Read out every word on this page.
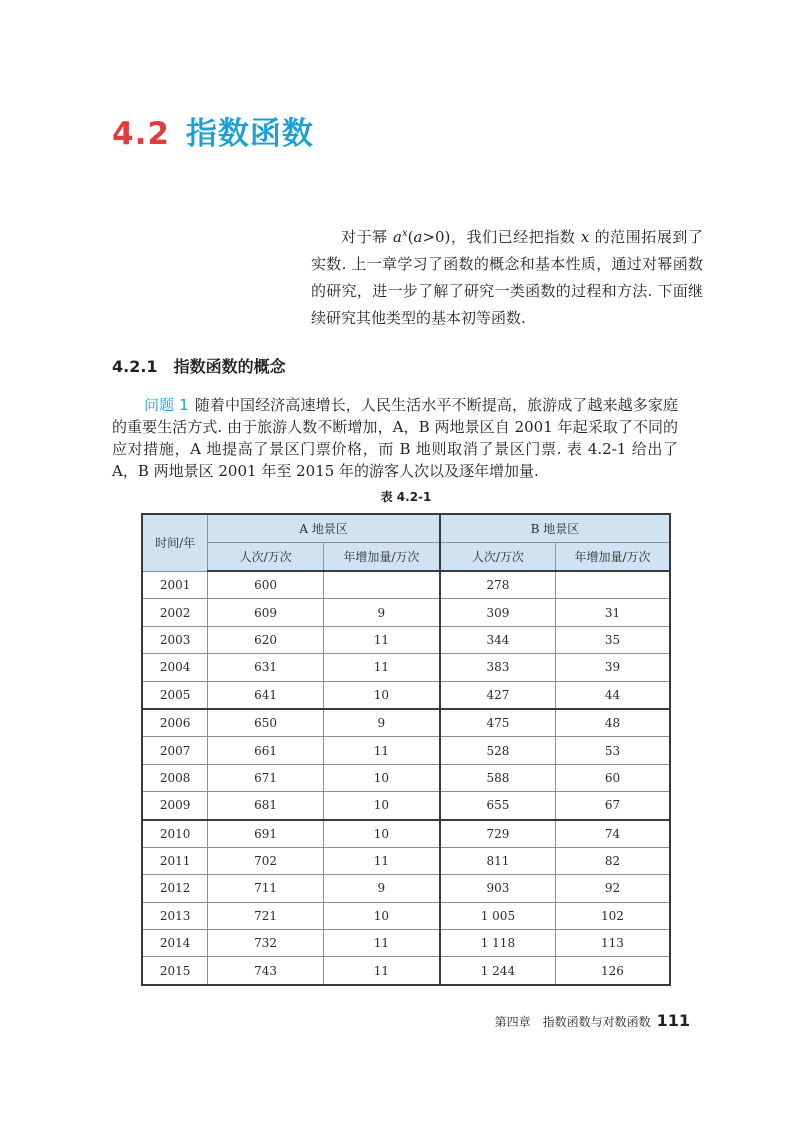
4.2 指数函数

对于幂 $a^x(a>0)$，我们已经把指数 x 的范围拓展到了实数. 上一章学习了函数的概念和基本性质，通过对幂函数的研究，进一步了解了研究一类函数的过程和方法. 下面继续研究其他类型的基本初等函数.

4.2.1 指数函数的概念

问题 1 随着中国经济高速增长，人民生活水平不断提高，旅游成了越来越多家庭的重要生活方式. 由于旅游人数不断增加，A，B 两地景区自 2001 年起采取了不同的应对措施，A 地提高了景区门票价格，而 B 地则取消了景区门票. 表 4.2-1 给出了 A，B 两地景区 2001 年至 2015 年的游客人次以及逐年增加量.

表 4.2-1

时间/年	A 地景区		B 地景区	
	人次/万次	年增加量/万次	人次/万次	年增加量/万次
2001	600		278	
2002	609	9	309	31
2003	620	11	344	35
2004	631	11	383	39
2005	641	10	427	44
2006	650	9	475	48
2007	661	11	528	53
2008	671	10	588	60
2009	681	10	655	67
2010	691	10	729	74
2011	702	11	811	82
2012	711	9	903	92
2013	721	10	1 005	102
2014	732	11	1 118	113
2015	743	11	1 244	126
第四章　指数函数与对数函数 111
